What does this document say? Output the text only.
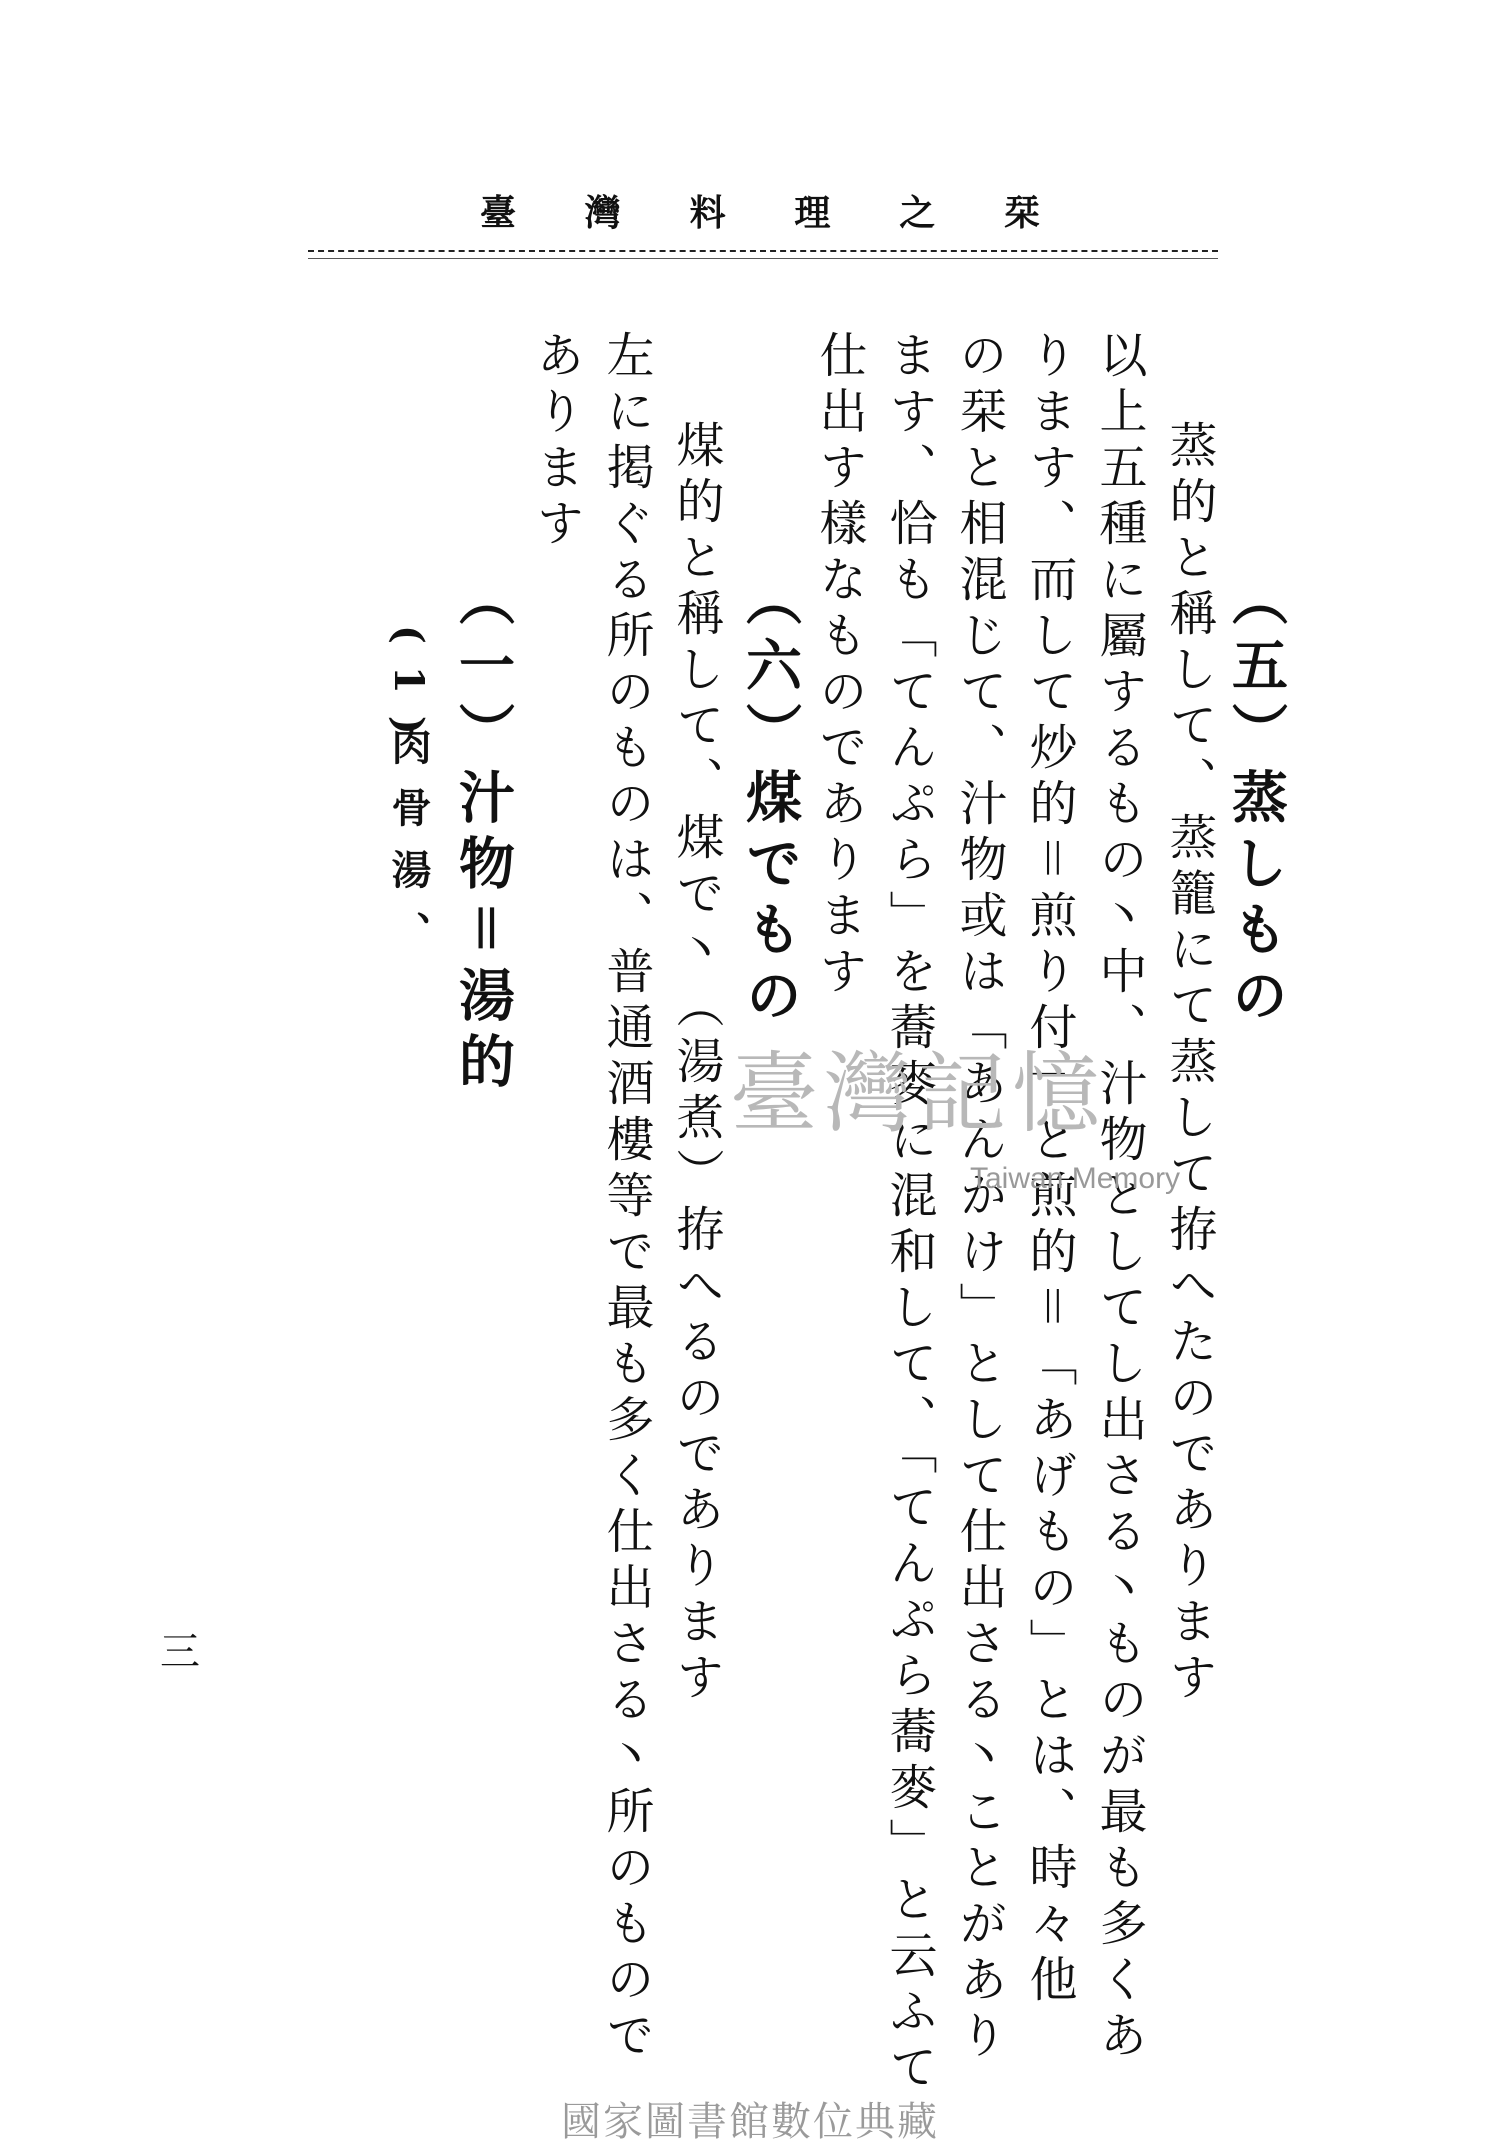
臺 灣 料 理 之 栞
（五）蒸しもの
蒸的と稱して、蒸籠にて蒸して拵へたのであります
以上五種に屬するもの丶中、汁物としてし出さる丶ものが最も多くあ
ります、而して炒的＝煎り付」と煎的＝「あげもの」とは、時々他
の栞と相混じて、汁物或は「あんかけ」として仕出さる丶ことがあり
ます、恰も「てんぷら」を蕎麥に混和して、「てんぷら蕎麥」と云ふて
仕出す樣なものであります
（六）煤でもの
煤的と稱して、煤で丶（湯煮）拵へるのであります
左に掲ぐる所のものは、普通酒樓等で最も多く仕出さる丶所のもので
あります
（一）汁物＝湯的
(1)
肉骨湯、
三
臺灣記憶
Taiwan Memory
國家圖書館數位典藏
